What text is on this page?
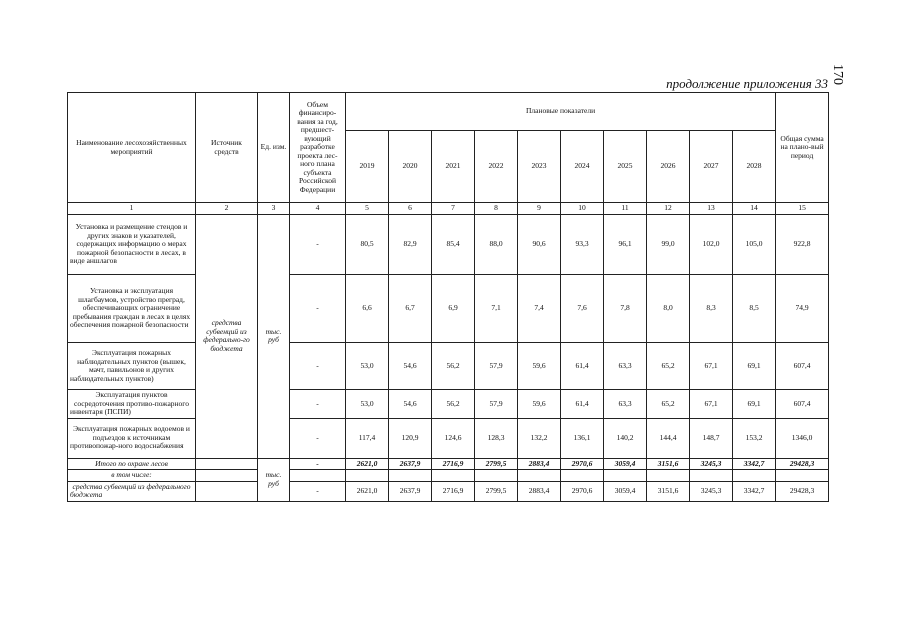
170
продолжение приложения 33
Наименование лесохозяйственных мероприятий	Источник средств	Ед. изм.	Объем финансиро-вания за год, предшест-вующий разработке проекта лес-ного плана субъекта Российской Федерации	Плановые показатели										Общая сумма на плано-вый период
				2019	2020	2021	2022	2023	2024	2025	2026	2027	2028	
1	2	3	4	5	6	7	8	9	10	11	12	13	14	15
Установка и размещение стендов и других знаков и указателей, содержащих информацию о мерах пожарной безопасности в лесах, в виде аншлагов	средства субвенций из федерально-го бюджета	тыс. руб	-	80,5	82,9	85,4	88,0	90,6	93,3	96,1	99,0	102,0	105,0	922,8
Установка и эксплуатация шлагбаумов, устройство преград, обеспечивающих ограничение пребывания граждан в лесах в целях обеспечения пожарной безопасности			-	6,6	6,7	6,9	7,1	7,4	7,6	7,8	8,0	8,3	8,5	74,9
Эксплуатация пожарных наблюдательных пунктов (вышек, мачт, павильонов и других наблюдательных пунктов)			-	53,0	54,6	56,2	57,9	59,6	61,4	63,3	65,2	67,1	69,1	607,4
Эксплуатация пунктов сосредоточения противо-пожарного инвентаря (ПСПИ)			-	53,0	54,6	56,2	57,9	59,6	61,4	63,3	65,2	67,1	69,1	607,4
Эксплуатация пожарных водоемов и подъездов к источникам противопожар-ного водоснабжения			-	117,4	120,9	124,6	128,3	132,2	136,1	140,2	144,4	148,7	153,2	1346,0
Итого по охране лесов		тыс. руб	-	2621,0	2637,9	2716,9	2799,5	2883,4	2970,6	3059,4	3151,6	3245,3	3342,7	29428,3
в том числе:														
средства субвенций из федерального бюджета			-	2621,0	2637,9	2716,9	2799,5	2883,4	2970,6	3059,4	3151,6	3245,3	3342,7	29428,3
